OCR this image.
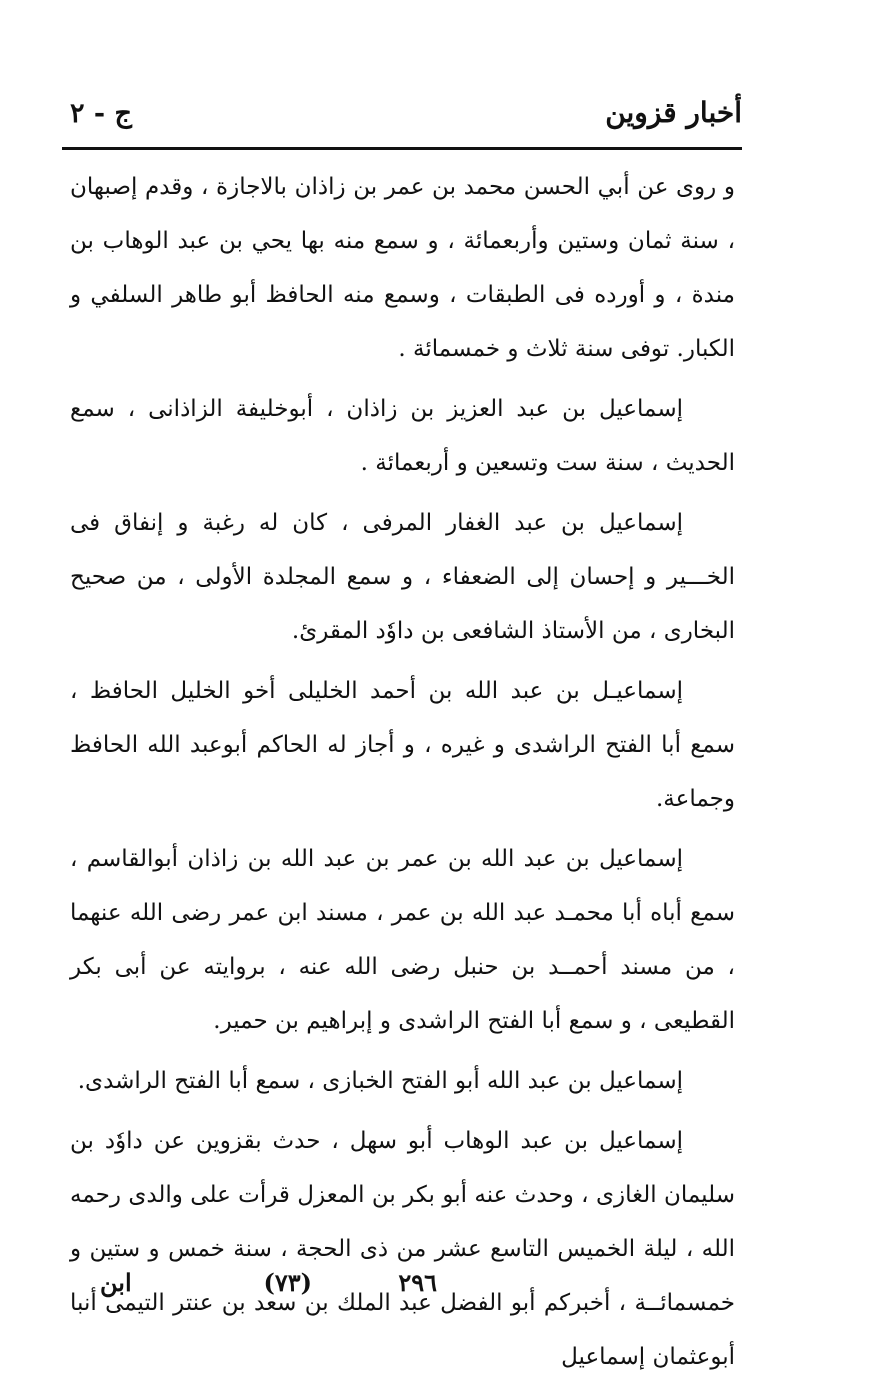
أخبار قزوين
ج - ٢

و روى عن أبي الحسن محمد بن عمر بن زاذان بالاجازة ، وقدم إصبهان ، سنة ثمان وستين وأربعمائة ، و سمع منه بها يحي بن عبد الوهاب بن مندة ، و أورده فى الطبقات ، وسمع منه الحافظ أبو طاهر السلفي و الكبار. توفى سنة ثلاث و خمسمائة .

إسماعيل بن عبد العزيز بن زاذان ، أبوخليفة الزاذانى ، سمع الحديث ، سنة ست وتسعين و أربعمائة .

إسماعيل بن عبد الغفار المرفى ، كان له رغبة و إنفاق فى الخـــير و إحسان إلى الضعفاء ، و سمع المجلدة الأولى ، من صحيح البخارى ، من الأستاذ الشافعى بن داوٗد المقرئ.

إسماعيـل بن عبد الله بن أحمد الخليلى أخو الخليل الحافظ ، سمع أبا الفتح الراشدى و غيره ، و أجاز له الحاكم أبوعبد الله الحافظ وجماعة.

إسماعيل بن عبد الله بن عمر بن عبد الله بن زاذان أبوالقاسم ، سمع أباه أبا محمـد عبد الله بن عمر ، مسند ابن عمر رضى الله عنهما ، من مسند أحمــد بن حنبل رضى الله عنه ، بروايته عن أبى بكر القطيعى ، و سمع أبا الفتح الراشدى و إبراهيم بن حمير.

إسماعيل بن عبد الله أبو الفتح الخبازى ، سمع أبا الفتح الراشدى.

إسماعيل بن عبد الوهاب أبو سهل ، حدث بقزوين عن داوٗد بن سليمان الغازى ، وحدث عنه أبو بكر بن المعزل قرأت على والدى رحمه الله ، ليلة الخميس التاسع عشر من ذى الحجة ، سنة خمس و ستين و خمسمائــة ، أخبركم أبو الفضل عبد الملك بن سعد بن عنتر التيمى أنبا أبوعثمان إسماعيل

٢٩٦
(٧٣)
ابن
